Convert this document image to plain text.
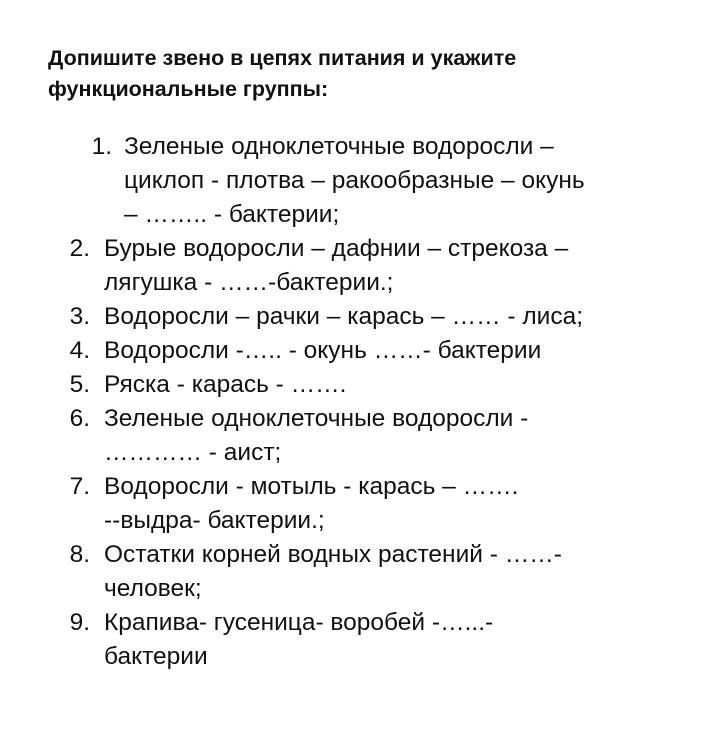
Допишите звено в цепях питания и укажите
функциональные группы:
1. Зеленые одноклеточные водоросли –
циклоп - плотва – ракообразные – окунь
– …….. - бактерии;
2. Бурые водоросли – дафнии – стрекоза –
лягушка - ……-бактерии.;
3. Водоросли – рачки – карась – …… - лиса;
4. Водоросли -….. - окунь ……- бактерии
5. Ряска - карась - …….
6. Зеленые одноклеточные водоросли -
………… - аист;
7. Водоросли - мотыль - карась – …….
--выдра- бактерии.;
8. Остатки корней водных растений - ……-
человек;
9. Крапива- гусеница- воробей -…...-
бактерии
